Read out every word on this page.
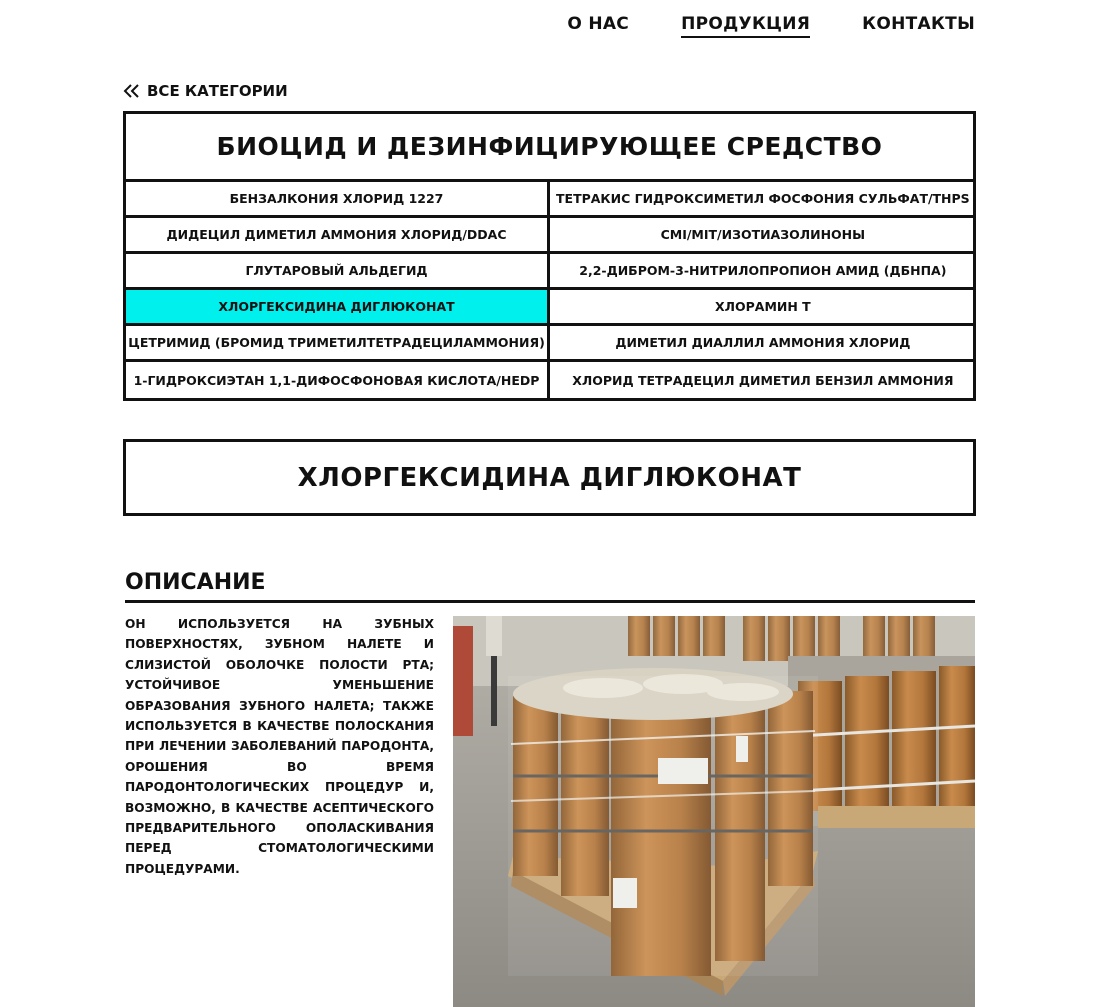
О НАС	ПРОДУКЦИЯ	КОНТАКТЫ
ВСЕ КАТЕГОРИИ
БИОЦИД И ДЕЗИНФИЦИРУЮЩЕЕ СРЕДСТВО
БЕНЗАЛКОНИЯ ХЛОРИД 1227	ТЕТРАКИС ГИДРОКСИМЕТИЛ ФОСФОНИЯ СУЛЬФАТ/THPS
ДИДЕЦИЛ ДИМЕТИЛ АММОНИЯ ХЛОРИД/DDAC	CMI/MIT/ИЗОТИАЗОЛИНОНЫ
ГЛУТАРОВЫЙ АЛЬДЕГИД	2,2-ДИБРОМ-3-НИТРИЛОПРОПИОН АМИД (ДБНПА)
ХЛОРГЕКСИДИНА ДИГЛЮКОНАТ	ХЛОРАМИН Т
ЦЕТРИМИД (БРОМИД ТРИМЕТИЛТЕТРАДЕЦИЛАММОНИЯ)	ДИМЕТИЛ ДИАЛЛИЛ АММОНИЯ ХЛОРИД
1-ГИДРОКСИЭТАН 1,1-ДИФОСФОНОВАЯ КИСЛОТА/HEDP	ХЛОРИД ТЕТРАДЕЦИЛ ДИМЕТИЛ БЕНЗИЛ АММОНИЯ
ХЛОРГЕКСИДИНА ДИГЛЮКОНАТ
ОПИСАНИЕ

ОН ИСПОЛЬЗУЕТСЯ НА ЗУБНЫХ ПОВЕРХНОСТЯХ, ЗУБНОМ НАЛЕТЕ И СЛИЗИСТОЙ ОБОЛОЧКЕ ПОЛОСТИ РТА; УСТОЙЧИВОЕ УМЕНЬШЕНИЕ ОБРАЗОВАНИЯ ЗУБНОГО НАЛЕТА; ТАКЖЕ ИСПОЛЬЗУЕТСЯ В КАЧЕСТВЕ ПОЛОСКАНИЯ ПРИ ЛЕЧЕНИИ ЗАБОЛЕВАНИЙ ПАРОДОНТА, ОРОШЕНИЯ ВО ВРЕМЯ ПАРОДОНТОЛОГИЧЕСКИХ ПРОЦЕДУР И, ВОЗМОЖНО, В КАЧЕСТВЕ АСЕПТИЧЕСКОГО ПРЕДВАРИТЕЛЬНОГО ОПОЛАСКИВАНИЯ ПЕРЕД СТОМАТОЛОГИЧЕСКИМИ ПРОЦЕДУРАМИ.
